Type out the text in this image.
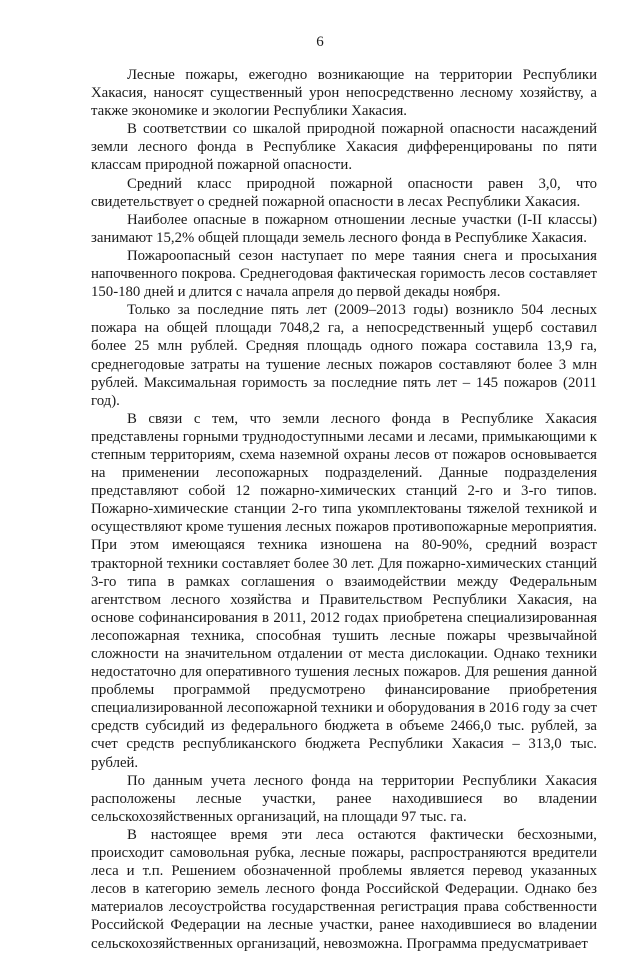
6

Лесные пожары, ежегодно возникающие на территории Республики Хакасия, наносят существенный урон непосредственно лесному хозяйству, а также экономике и экологии Республики Хакасия.

В соответствии со шкалой природной пожарной опасности насаждений земли лесного фонда в Республике Хакасия дифференцированы по пяти классам природной пожарной опасности.

Средний класс природной пожарной опасности равен 3,0, что свидетельствует о средней пожарной опасности в лесах Республики Хакасия.

Наиболее опасные в пожарном отношении лесные участки (I-II классы) занимают 15,2% общей площади земель лесного фонда в Республике Хакасия.

Пожароопасный сезон наступает по мере таяния снега и просыхания напочвенного покрова. Среднегодовая фактическая горимость лесов составляет 150-180 дней и длится с начала апреля до первой декады ноября.

Только за последние пять лет (2009–2013 годы) возникло 504 лесных пожара на общей площади 7048,2 га, а непосредственный ущерб составил более 25 млн рублей. Средняя площадь одного пожара составила 13,9 га, среднегодовые затраты на тушение лесных пожаров составляют более 3 млн рублей. Максимальная горимость за последние пять лет – 145 пожаров (2011 год).

В связи с тем, что земли лесного фонда в Республике Хакасия представлены горными труднодоступными лесами и лесами, примыкающими к степным территориям, схема наземной охраны лесов от пожаров основывается на применении лесопожарных подразделений. Данные подразделения представляют собой 12 пожарно-химических станций 2-го и 3-го типов. Пожарно-химические станции 2-го типа укомплектованы тяжелой техникой и осуществляют кроме тушения лесных пожаров противопожарные мероприятия. При этом имеющаяся техника изношена на 80-90%, средний возраст тракторной техники составляет более 30 лет. Для пожарно-химических станций 3-го типа в рамках соглашения о взаимодействии между Федеральным агентством лесного хозяйства и Правительством Республики Хакасия, на основе софинансирования в 2011, 2012 годах приобретена специализированная лесопожарная техника, способная тушить лесные пожары чрезвычайной сложности на значительном отдалении от места дислокации. Однако техники недостаточно для оперативного тушения лесных пожаров. Для решения данной проблемы программой предусмотрено финансирование приобретения специализированной лесопожарной техники и оборудования в 2016 году за счет средств субсидий из федерального бюджета в объеме 2466,0 тыс. рублей, за счет средств республиканского бюджета Республики Хакасия – 313,0 тыс. рублей.

По данным учета лесного фонда на территории Республики Хакасия расположены лесные участки, ранее находившиеся во владении сельскохозяйственных организаций, на площади 97 тыс. га.

В настоящее время эти леса остаются фактически бесхозными, происходит самовольная рубка, лесные пожары, распространяются вредители леса и т.п. Решением обозначенной проблемы является перевод указанных лесов в категорию земель лесного фонда Российской Федерации. Однако без материалов лесоустройства государственная регистрация права собственности Российской Федерации на лесные участки, ранее находившиеся во владении сельскохозяйственных организаций, невозможна. Программа предусматривает
